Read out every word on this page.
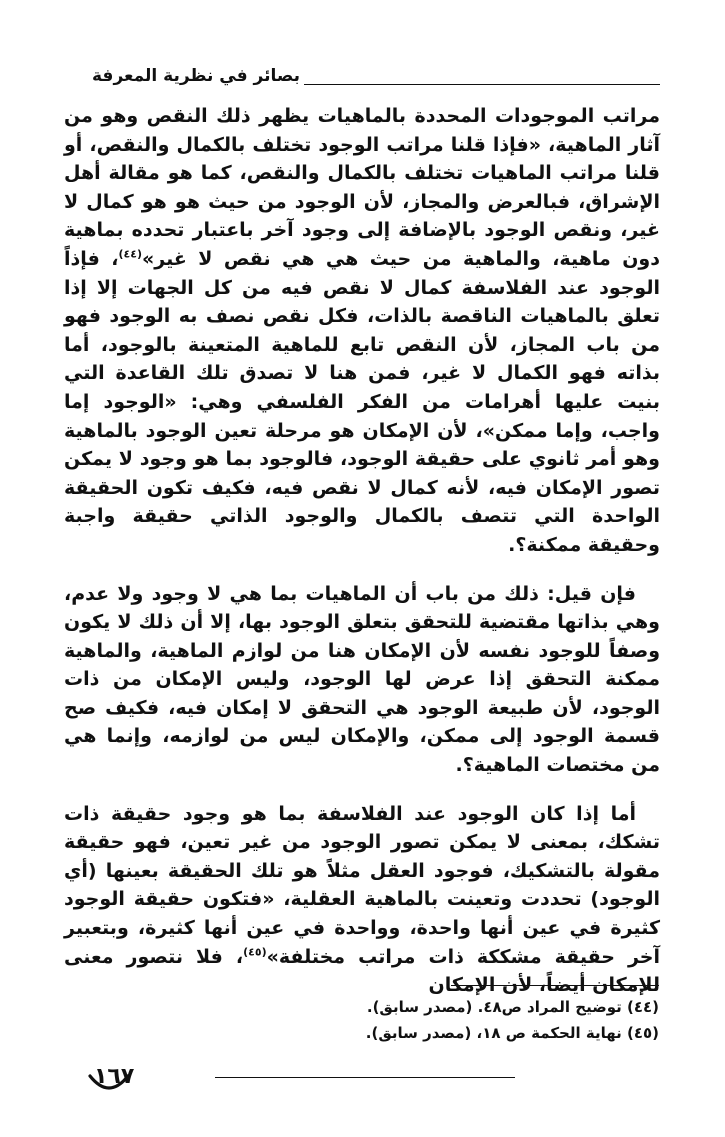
بصائر في نظرية المعرفة

مراتب الموجودات المحددة بالماهيات يظهر ذلك النقص وهو من آثار الماهية، «فإذا قلنا مراتب الوجود تختلف بالكمال والنقص، أو قلنا مراتب الماهيات تختلف بالكمال والنقص، كما هو مقالة أهل الإشراق، فبالعرض والمجاز، لأن الوجود من حيث هو هو كمال لا غير، ونقص الوجود بالإضافة إلى وجود آخر باعتبار تحدده بماهية دون ماهية، والماهية من حيث هي هي نقص لا غير»$^{(٤٤)}$، فإذاً الوجود عند الفلاسفة كمال لا نقص فيه من كل الجهات إلا إذا تعلق بالماهيات الناقصة بالذات، فكل نقص نصف به الوجود فهو من باب المجاز، لأن النقص تابع للماهية المتعينة بالوجود، أما بذاته فهو الكمال لا غير، فمن هنا لا تصدق تلك القاعدة التي بنيت عليها أهرامات من الفكر الفلسفي وهي: «الوجود إما واجب، وإما ممكن»، لأن الإمكان هو مرحلة تعين الوجود بالماهية وهو أمر ثانوي على حقيقة الوجود، فالوجود بما هو وجود لا يمكن تصور الإمكان فيه، لأنه كمال لا نقص فيه، فكيف تكون الحقيقة الواحدة التي تتصف بالكمال والوجود الذاتي حقيقة واجبة وحقيقة ممكنة؟.

فإن قيل: ذلك من باب أن الماهيات بما هي لا وجود ولا عدم، وهي بذاتها مقتضية للتحقق بتعلق الوجود بها، إلا أن ذلك لا يكون وصفاً للوجود نفسه لأن الإمكان هنا من لوازم الماهية، والماهية ممكنة التحقق إذا عرض لها الوجود، وليس الإمكان من ذات الوجود، لأن طبيعة الوجود هي التحقق لا إمكان فيه، فكيف صح قسمة الوجود إلى ممكن، والإمكان ليس من لوازمه، وإنما هي من مختصات الماهية؟.

أما إذا كان الوجود عند الفلاسفة بما هو وجود حقيقة ذات تشكك، بمعنى لا يمكن تصور الوجود من غير تعين، فهو حقيقة مقولة بالتشكيك، فوجود العقل مثلاً هو تلك الحقيقة بعينها (أي الوجود) تحددت وتعينت بالماهية العقلية، «فتكون حقيقة الوجود كثيرة في عين أنها واحدة، وواحدة في عين أنها كثيرة، وبتعبير آخر حقيقة مشككة ذات مراتب مختلفة»$^{(٤٥)}$، فلا نتصور معنى للإمكان أيضاً، لأن الإمكان

(٤٤) توضيح المراد ص٤٨. (مصدر سابق).
(٤٥) نهاية الحكمة ص ١٨، (مصدر سابق).
١٦٧
